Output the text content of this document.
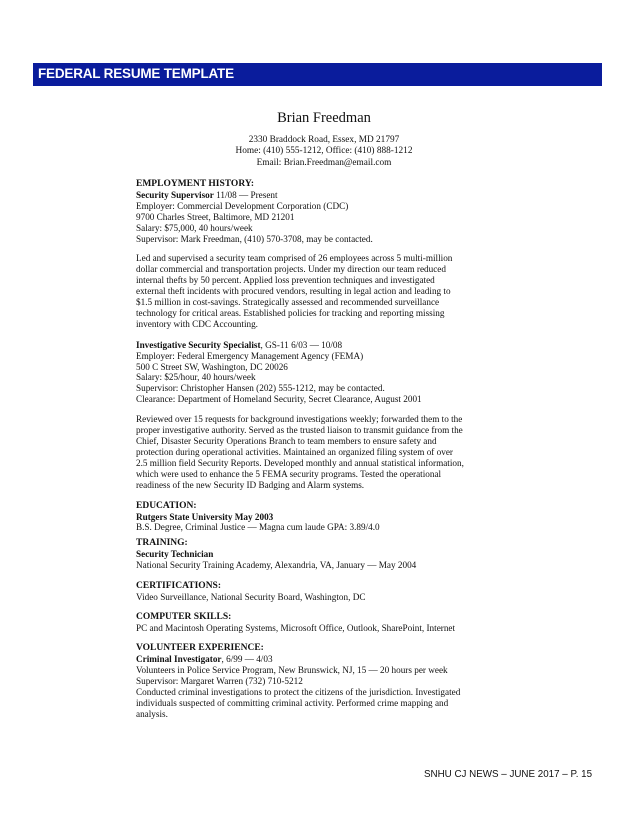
FEDERAL RESUME TEMPLATE
Brian Freedman
2330 Braddock Road, Essex, MD 21797
Home: (410) 555-1212, Office: (410) 888-1212
Email: Brian.Freedman@email.com
EMPLOYMENT HISTORY:
Security Supervisor 11/08 — Present
Employer: Commercial Development Corporation (CDC)
9700 Charles Street, Baltimore, MD 21201
Salary: $75,000, 40 hours/week
Supervisor: Mark Freedman, (410) 570-3708, may be contacted.
Led and supervised a security team comprised of 26 employees across 5 multi-million
dollar commercial and transportation projects. Under my direction our team reduced
internal thefts by 50 percent. Applied loss prevention techniques and investigated
external theft incidents with procured vendors, resulting in legal action and leading to
$1.5 million in cost-savings. Strategically assessed and recommended surveillance
technology for critical areas. Established policies for tracking and reporting missing
inventory with CDC Accounting.
Investigative Security Specialist, GS-11 6/03 — 10/08
Employer: Federal Emergency Management Agency (FEMA)
500 C Street SW, Washington, DC 20026
Salary: $25/hour, 40 hours/week
Supervisor: Christopher Hansen (202) 555-1212, may be contacted.
Clearance: Department of Homeland Security, Secret Clearance, August 2001
Reviewed over 15 requests for background investigations weekly; forwarded them to the
proper investigative authority. Served as the trusted liaison to transmit guidance from the
Chief, Disaster Security Operations Branch to team members to ensure safety and
protection during operational activities. Maintained an organized filing system of over
2.5 million field Security Reports. Developed monthly and annual statistical information,
which were used to enhance the 5 FEMA security programs. Tested the operational
readiness of the new Security ID Badging and Alarm systems.
EDUCATION:
Rutgers State University May 2003
B.S. Degree, Criminal Justice — Magna cum laude GPA: 3.89/4.0
TRAINING:
Security Technician
National Security Training Academy, Alexandria, VA, January — May 2004
CERTIFICATIONS:
Video Surveillance, National Security Board, Washington, DC
COMPUTER SKILLS:
PC and Macintosh Operating Systems, Microsoft Office, Outlook, SharePoint, Internet
VOLUNTEER EXPERIENCE:
Criminal Investigator, 6/99 — 4/03
Volunteers in Police Service Program, New Brunswick, NJ, 15 — 20 hours per week
Supervisor: Margaret Warren (732) 710-5212
Conducted criminal investigations to protect the citizens of the jurisdiction. Investigated
individuals suspected of committing criminal activity. Performed crime mapping and
analysis.
SNHU CJ NEWS – JUNE 2017 – P. 15
